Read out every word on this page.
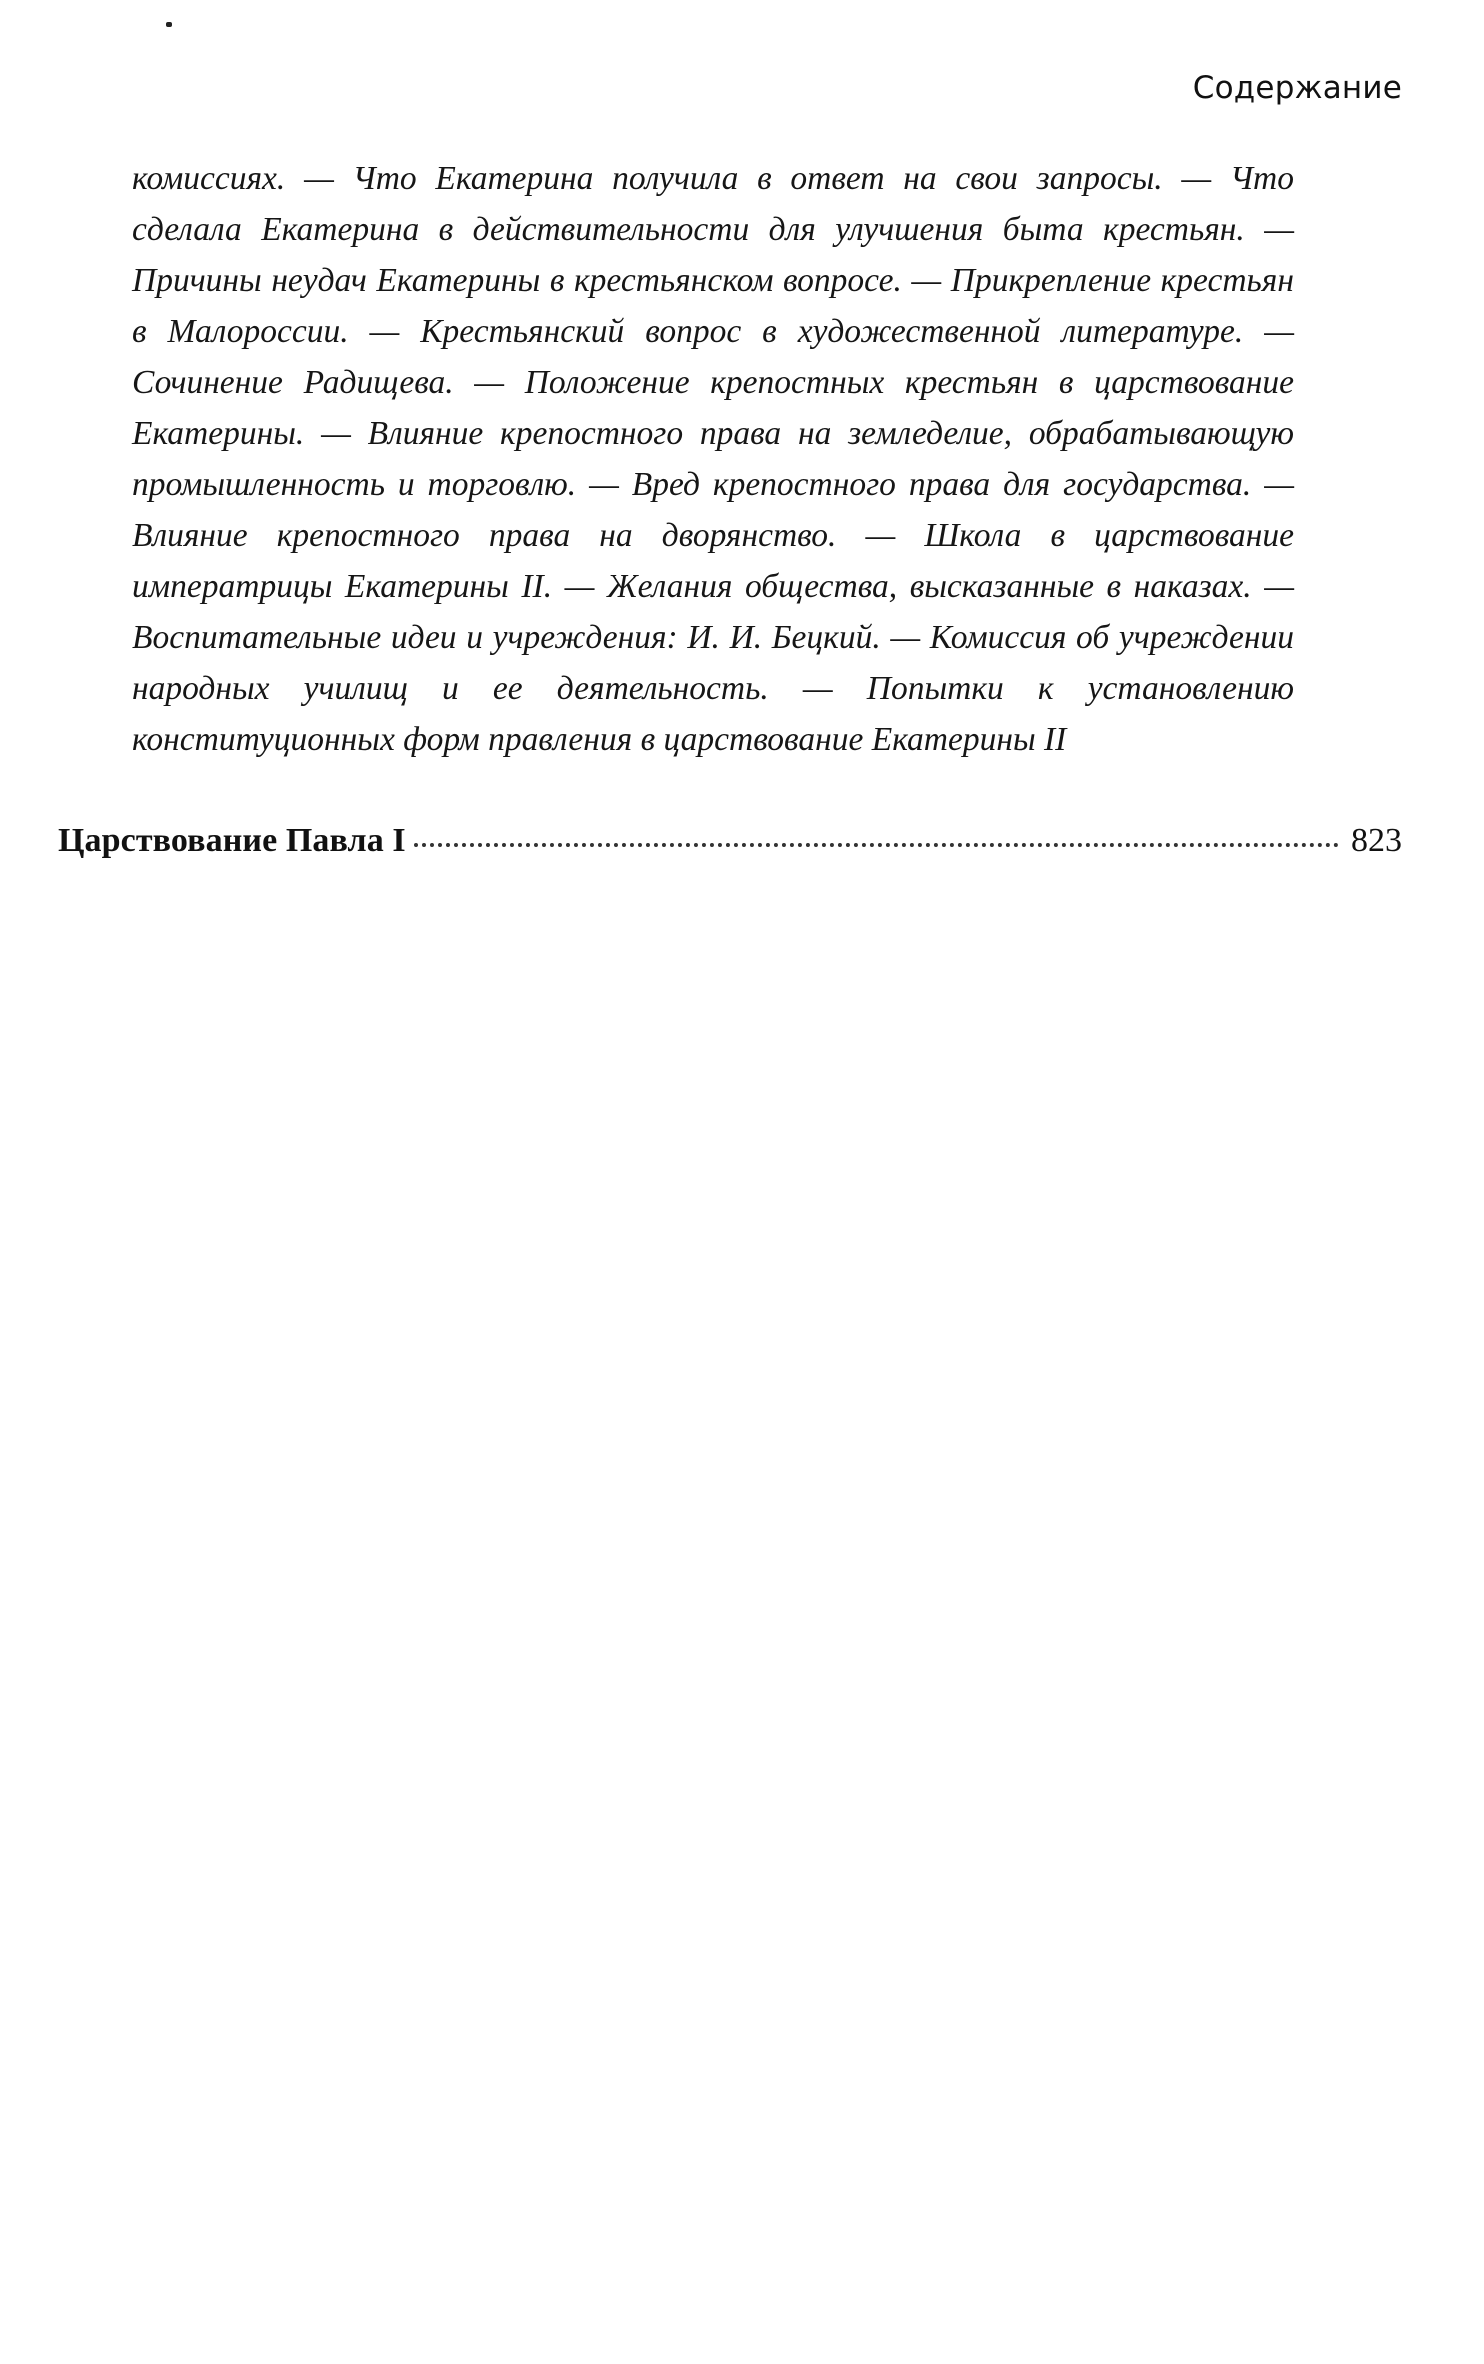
Содержание

комиссиях. — Что Екатерина получила в ответ на свои запросы. — Что сделала Екатерина в действительности для улучшения быта крестьян. — Причины неудач Екатерины в крестьянском вопросе. — Прикрепление крестьян в Малороссии. — Крестьянский вопрос в художественной литературе. — Сочинение Радищева. — Положение крепостных крестьян в царствование Екатерины. — Влияние крепостного права на земледелие, обрабатывающую промышленность и торговлю. — Вред крепостного права для государства. — Влияние крепостного права на дворянство. — Школа в царствование императрицы Екатерины II. — Желания общества, высказанные в наказах. — Воспитательные идеи и учреждения: И. И. Бецкий. — Комиссия об учреждении народных училищ и ее деятельность. — Попытки к установлению конституционных форм правления в царствование Екатерины II

Царствование Павла I	823
